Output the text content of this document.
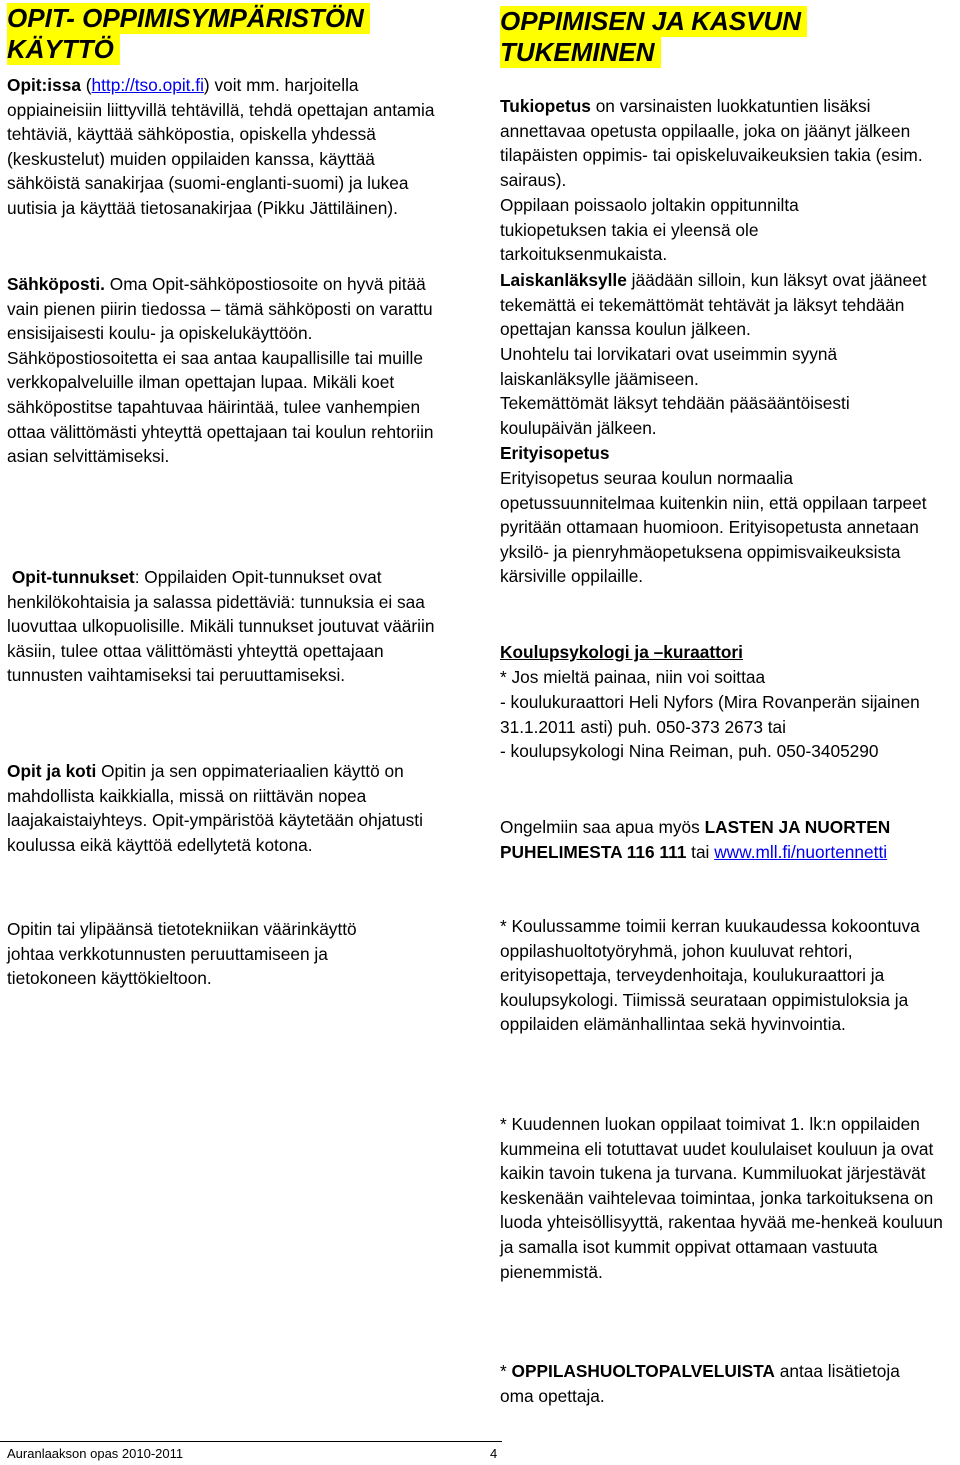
OPIT- OPPIMISYMPÄRISTÖN
KÄYTTÖ

Opit:issa (http://tso.opit.fi) voit mm. harjoitella oppiaineisiin liittyvillä tehtävillä, tehdä opettajan antamia tehtäviä, käyttää sähköpostia, opiskella yhdessä (keskustelut) muiden oppilaiden kanssa, käyttää sähköistä sanakirjaa (suomi-englanti-suomi) ja lukea uutisia ja käyttää tietosanakirjaa (Pikku Jättiläinen).

Sähköposti. Oma Opit-sähköpostiosoite on hyvä pitää vain pienen piirin tiedossa – tämä sähköposti on varattu ensisijaisesti koulu- ja opiskelukäyttöön. Sähköpostiosoitetta ei saa antaa kaupallisille tai muille verkkopalveluille ilman opettajan lupaa. Mikäli koet sähköpostitse tapahtuvaa häirintää, tulee vanhempien ottaa välittömästi yhteyttä opettajaan tai koulun rehtoriin asian selvittämiseksi.

Opit-tunnukset: Oppilaiden Opit-tunnukset ovat henkilökohtaisia ja salassa pidettäviä: tunnuksia ei saa luovuttaa ulkopuolisille. Mikäli tunnukset joutuvat vääriin käsiin, tulee ottaa välittömästi yhteyttä opettajaan tunnusten vaihtamiseksi tai peruuttamiseksi.

Opit ja koti Opitin ja sen oppimateriaalien käyttö on mahdollista kaikkialla, missä on riittävän nopea laajakaistaiyhteys. Opit-ympäristöä käytetään ohjatusti koulussa eikä käyttöä edellytetä kotona.

Opitin tai ylipäänsä tietotekniikan väärinkäyttö johtaa verkkotunnusten peruuttamiseen ja tietokoneen käyttökieltoon.

OPPIMISEN JA KASVUN
TUKEMINEN

Tukiopetus on varsinaisten luokkatuntien lisäksi annettavaa opetusta oppilaalle, joka on jäänyt jälkeen tilapäisten oppimis- tai opiskeluvaikeuksien takia (esim. sairaus).

Oppilaan poissaolo joltakin oppitunnilta tukiopetuksen takia ei yleensä ole tarkoituksenmukaista.

Laiskanläksylle jäädään silloin, kun läksyt ovat jääneet tekemättä ei tekemättömät tehtävät ja läksyt tehdään opettajan kanssa koulun jälkeen.

Unohtelu tai lorvikatari ovat useimmin syynä laiskanläksylle jäämiseen.

Tekemättömät läksyt tehdään pääsääntöisesti koulupäivän jälkeen.

Erityisopetus

Erityisopetus seuraa koulun normaalia opetussuunnitelmaa kuitenkin niin, että oppilaan tarpeet pyritään ottamaan huomioon. Erityisopetusta annetaan yksilö- ja pienryhmäopetuksena oppimisvaikeuksista kärsiville oppilaille.

Koulupsykologi ja –kuraattori

* Jos mieltä painaa, niin voi soittaa

- koulukuraattori Heli Nyfors (Mira Rovanperän sijainen 31.1.2011 asti) puh. 050-373 2673 tai

- koulupsykologi Nina Reiman, puh. 050-3405290

Ongelmiin saa apua myös LASTEN JA NUORTEN PUHELIMESTA 116 111 tai www.mll.fi/nuortennetti

* Koulussamme toimii kerran kuukaudessa kokoontuva oppilashuoltotyöryhmä, johon kuuluvat rehtori, erityisopettaja, terveydenhoitaja, koulukuraattori ja koulupsykologi. Tiimissä seurataan oppimistuloksia ja oppilaiden elämänhallintaa sekä hyvinvointia.

* Kuudennen luokan oppilaat toimivat 1. lk:n oppilaiden kummeina eli totuttavat uudet koululaiset kouluun ja ovat kaikin tavoin tukena ja turvana. Kummiluokat järjestävät keskenään vaihtelevaa toimintaa, jonka tarkoituksena on luoda yhteisöllisyyttä, rakentaa hyvää me-henkeä kouluun ja samalla isot kummit oppivat ottamaan vastuuta pienemmistä.

* OPPILASHUOLTOPALVELUISTA antaa lisätietoja oma opettaja.

Auranlaakson opas 2010-2011	4
